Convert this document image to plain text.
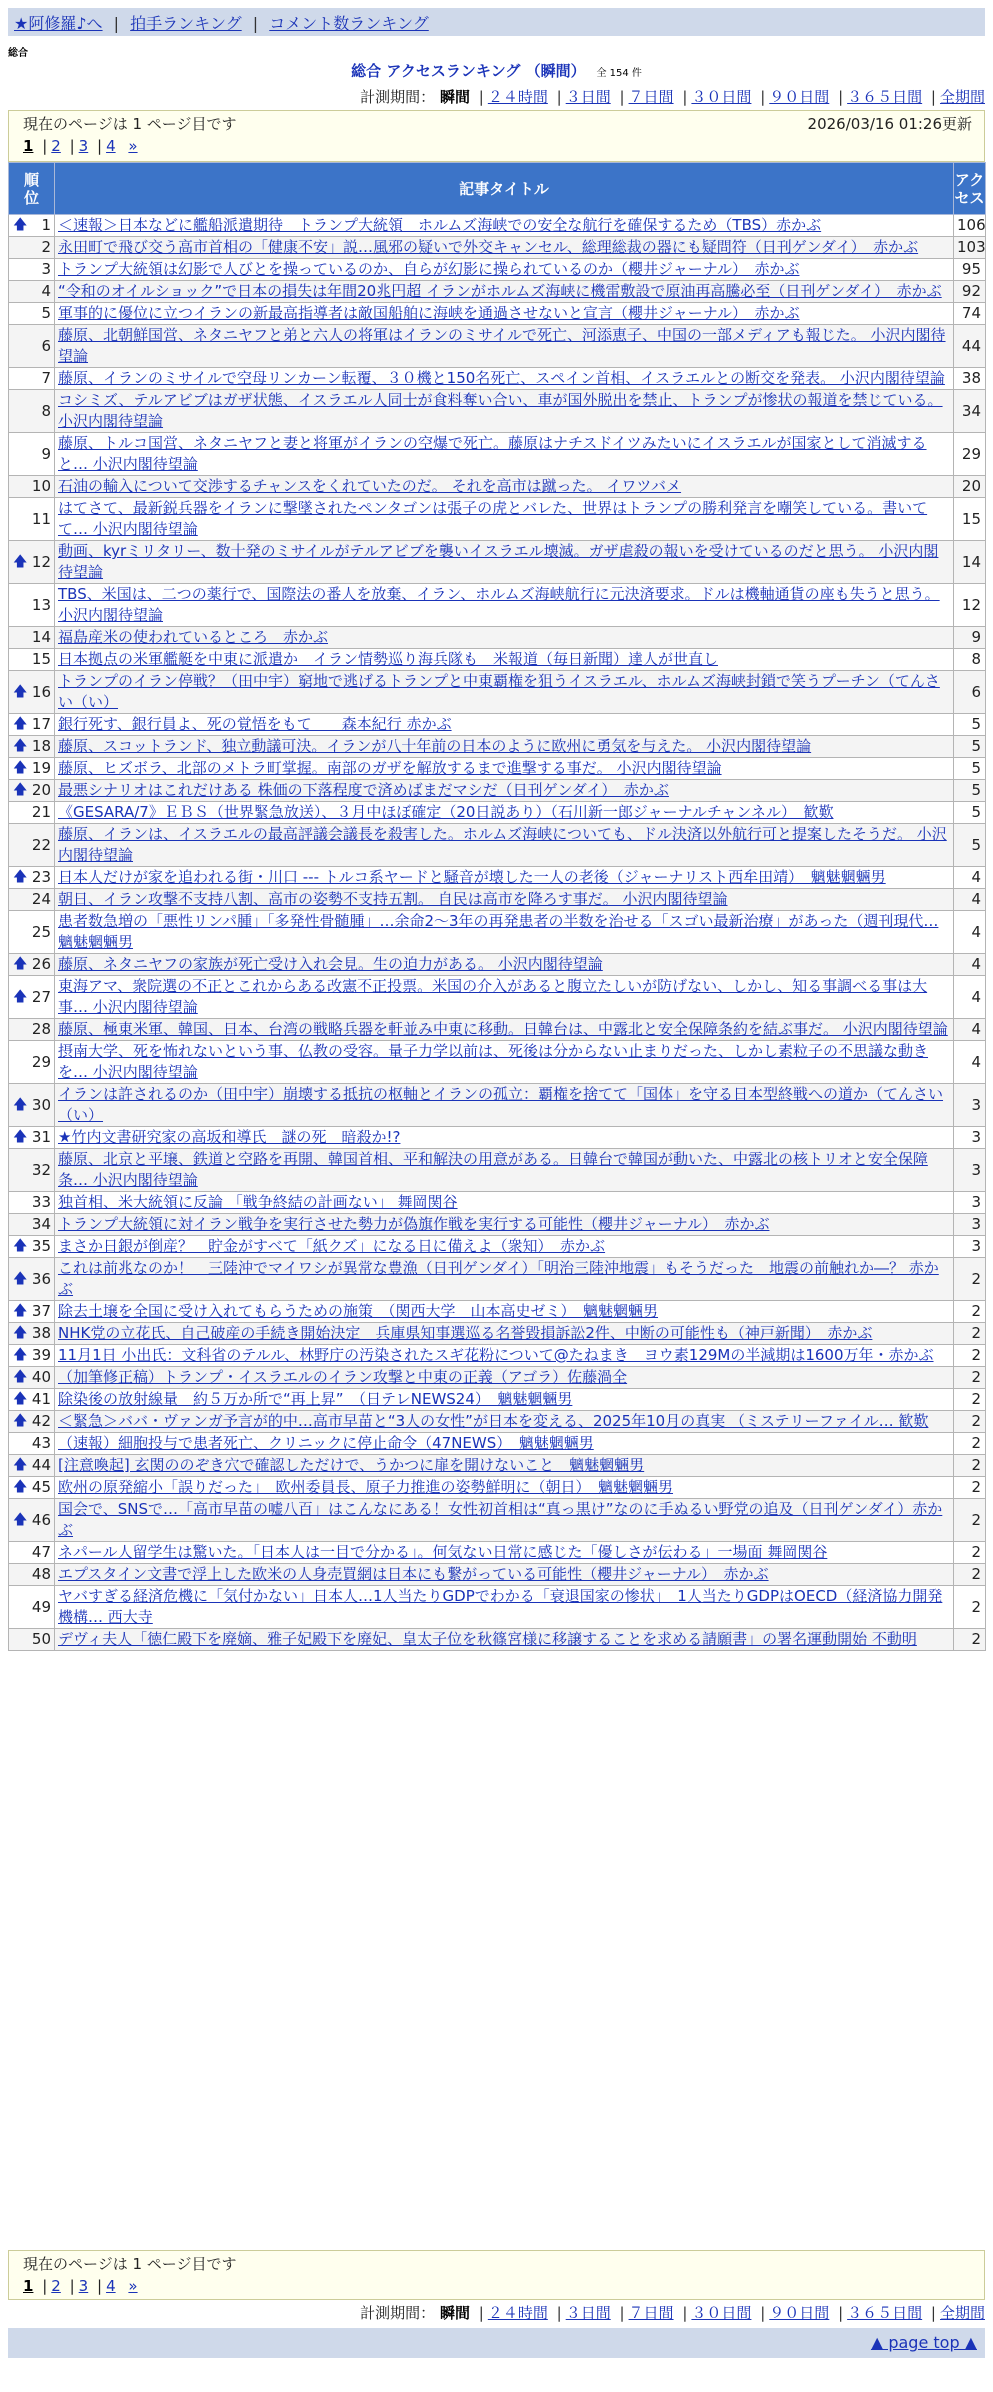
★阿修羅♪へ | 拍手ランキング | コメント数ランキング
総合
総合 アクセスランキング （瞬間） 全 154 件
計測期間： 瞬間 | ２４時間 | ３日間 | ７日間 | ３０日間 | ９０日間 | ３６５日間 | 全期間
現在のページは 1 ページ目です	2026/03/16 01:26更新
1 | 2 | 3 | 4 »
順位	記事タイトル	アクセス

🡅 1	＜速報＞日本などに艦船派遣期待　トランプ大統領　ホルムズ海峡での安全な航行を確保するため（TBS）赤かぶ	106
2	永田町で飛び交う高市首相の「健康不安」説…風邪の疑いで外交キャンセル、総理総裁の器にも疑問符（日刊ゲンダイ）　赤かぶ	103
3	トランプ大統領は幻影で人びとを操っているのか、自らが幻影に操られているのか（櫻井ジャーナル）　赤かぶ	95
4	“令和のオイルショック”で日本の損失は年間20兆円超 イランがホルムズ海峡に機雷敷設で原油再高騰必至（日刊ゲンダイ）　赤かぶ	92
5	軍事的に優位に立つイランの新最高指導者は敵国船舶に海峡を通過させないと宣言（櫻井ジャーナル）　赤かぶ	74
6	藤原、北朝鮮国営、ネタニヤフと弟と六人の将軍はイランのミサイルで死亡、河添恵子、中国の一部メディアも報じた。 小沢内閣待望論	44
7	藤原、イランのミサイルで空母リンカーン転覆、３０機と150名死亡、スペイン首相、イスラエルとの断交を発表。 小沢内閣待望論	38
8	コシミズ、テルアビブはガザ状態、イスラエル人同士が食料奪い合い、車が国外脱出を禁止、トランプが惨状の報道を禁じている。 小沢内閣待望論	34
9	藤原、トルコ国営、ネタニヤフと妻と将軍がイランの空爆で死亡。藤原はナチスドイツみたいにイスラエルが国家として消滅すると… 小沢内閣待望論	29
10	石油の輸入について交渉するチャンスをくれていたのだ。 それを高市は蹴った。 イワツバメ	20
11	はてさて、最新鋭兵器をイランに撃墜されたペンタゴンは張子の虎とバレた、世界はトランプの勝利発言を嘲笑している。書いてて… 小沢内閣待望論	15

🡅 12	動画、kyrミリタリー、数十発のミサイルがテルアビブを襲いイスラエル壊滅。ガザ虐殺の報いを受けているのだと思う。 小沢内閣待望論	14
13	TBS、米国は、二つの薬行で、国際法の番人を放棄、イラン、ホルムズ海峡航行に元決済要求。ドルは機軸通貨の座も失うと思う。 小沢内閣待望論	12
14	福島産米の使われているところ　赤かぶ	9
15	日本拠点の米軍艦艇を中東に派遣か　イラン情勢巡り海兵隊も　米報道（毎日新聞）達人が世直し	8

🡅 16	トランプのイラン停戦？（田中宇）窮地で逃げるトランプと中東覇権を狙うイスラエル、ホルムズ海峡封鎖で笑うプーチン（てんさい（い）	6

🡅 17	銀行死す、銀行員よ、死の覚悟をもて　　森本紀行 赤かぶ	5

🡅 18	藤原、スコットランド、独立動議可決。イランが八十年前の日本のように欧州に勇気を与えた。 小沢内閣待望論	5

🡅 19	藤原、ヒズボラ、北部のメトラ町掌握。南部のガザを解放するまで進撃する事だ。 小沢内閣待望論	5

🡅 20	最悪シナリオはこれだけある 株価の下落程度で済めばまだマシだ（日刊ゲンダイ）　赤かぶ	5
21	《GESARA/7》ＥＢＳ（世界緊急放送）、３月中ほぼ確定（20日説あり）（石川新一郎ジャーナルチャンネル）　歓歎	5
22	藤原、イランは、イスラエルの最高評議会議長を殺害した。ホルムズ海峡についても、ドル決済以外航行可と提案したそうだ。 小沢内閣待望論	5

🡅 23	日本人だけが家を追われる街・川口 --- トルコ系ヤードと騒音が壊した一人の老後（ジャーナリスト西牟田靖）　魑魅魍魎男	4
24	朝日、イラン攻撃不支持八割、高市の姿勢不支持五割。 自民は高市を降ろす事だ。 小沢内閣待望論	4
25	患者数急増の「悪性リンパ腫」「多発性骨髄腫」…余命2～3年の再発患者の半数を治せる「スゴい最新治療」があった（週刊現代… 魑魅魍魎男	4

🡅 26	藤原、ネタニヤフの家族が死亡受け入れ会見。生の迫力がある。 小沢内閣待望論	4

🡅 27	東海アマ、衆院選の不正とこれからある改憲不正投票。米国の介入があると腹立たしいが防げない、しかし、知る事調べる事は大事… 小沢内閣待望論	4
28	藤原、極東米軍、韓国、日本、台湾の戦略兵器を軒並み中東に移動。日韓台は、中露北と安全保障条約を結ぶ事だ。 小沢内閣待望論	4
29	摂南大学、死を怖れないという事、仏教の受容。量子力学以前は、死後は分からない止まりだった、しかし素粒子の不思議な動きを… 小沢内閣待望論	4

🡅 30	イランは許されるのか（田中宇）崩壊する抵抗の枢軸とイランの孤立：覇権を捨てて「国体」を守る日本型終戦への道か（てんさい（い）	3

🡅 31	★竹内文書研究家の高坂和導氏　謎の死　暗殺か!?	3
32	藤原、北京と平壌、鉄道と空路を再開、韓国首相、平和解決の用意がある。日韓台で韓国が動いた、中露北の核トリオと安全保障条… 小沢内閣待望論	3
33	独首相、米大統領に反論 「戦争終結の計画ない」 舞岡関谷	3
34	トランプ大統領に対イラン戦争を実行させた勢力が偽旗作戦を実行する可能性（櫻井ジャーナル）　赤かぶ	3

🡅 35	まさか日銀が倒産？　貯金がすべて「紙クズ」になる日に備えよ（衆知）　赤かぶ	3

🡅 36	これは前兆なのか！　三陸沖でマイワシが異常な豊漁（日刊ゲンダイ）「明治三陸沖地震」もそうだった　地震の前触れか―？ 赤かぶ	2

🡅 37	除去土壌を全国に受け入れてもらうための施策　（関西大学　山本高史ゼミ）　魑魅魍魎男	2

🡅 38	NHK党の立花氏、自己破産の手続き開始決定　兵庫県知事選巡る名誉毀損訴訟2件、中断の可能性も（神戸新聞）　赤かぶ	2

🡅 39	11月1日 小出氏：文科省のテルル、林野庁の汚染されたスギ花粉について@たねまき　ヨウ素129Mの半減期は1600万年・赤かぶ	2

🡅 40	（加筆修正稿）トランプ・イスラエルのイラン攻撃と中東の正義（アゴラ）佐藤渦全	2

🡅 41	除染後の放射線量　約５万か所で“再上昇”　（日テレNEWS24）　魑魅魍魎男	2

🡅 42	＜緊急＞ババ・ヴァンガ予言が的中…高市早苗と“3人の女性”が日本を変える、2025年10月の真実 （ミステリーファイル… 歓歎	2
43	（速報）細胞投与で患者死亡、クリニックに停止命令（47NEWS）　魑魅魍魎男	2

🡅 44	[注意喚起] 玄関ののぞき穴で確認しただけで、うかつに扉を開けないこと　魑魅魍魎男	2

🡅 45	欧州の原発縮小「誤りだった」　欧州委員長、原子力推進の姿勢鮮明に（朝日）　魑魅魍魎男	2

🡅 46	国会で、SNSで…「高市早苗の嘘八百」はこんなにある！女性初首相は“真っ黒け”なのに手ぬるい野党の追及（日刊ゲンダイ）赤かぶ	2
47	ネパール人留学生は驚いた。「日本人は一目で分かる」。何気ない日常に感じた「優しさが伝わる」一場面 舞岡関谷	2
48	エプスタイン文書で浮上した欧米の人身売買網は日本にも繋がっている可能性（櫻井ジャーナル）　赤かぶ	2
49	ヤバすぎる経済危機に「気付かない」日本人…1人当たりGDPでわかる「衰退国家の惨状」　1人当たりGDPはOECD（経済協力開発機構… 西大寺	2
50	デヴィ夫人「徳仁殿下を廃嫡、雅子妃殿下を廃妃、皇太子位を秋篠宮様に移譲することを求める請願書」の署名運動開始 不動明	2
現在のページは 1 ページ目です
1 | 2 | 3 | 4 »
計測期間： 瞬間 | ２４時間 | ３日間 | ７日間 | ３０日間 | ９０日間 | ３６５日間 | 全期間
▲ page top ▲
